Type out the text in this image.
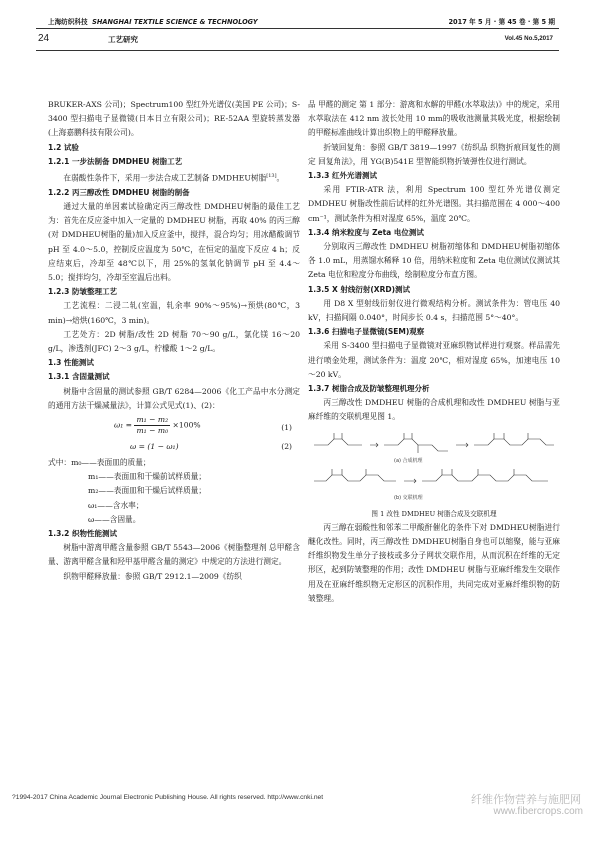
上海纺织科技 SHANGHAI TEXTILE SCIENCE & TECHNOLOGY	2017 年 5 月 · 第 45 卷 · 第 5 期
24	工艺研究	Vol.45 No.5,2017

BRUKER-AXS 公司)；Spectrum100 型红外光谱仪(美国 PE 公司)；S-3400 型扫描电子显微镜(日本日立有限公司)；RE-52AA 型旋转蒸发器(上海嘉鹏科技有限公司)。

1.2 试验

1.2.1 一步法制备 DMDHEU 树脂工艺

在弱酸性条件下，采用一步法合成工艺制备 DMDHEU树脂[13]。

1.2.2 丙三醇改性 DMDHEU 树脂的制备

通过大量的单因素试验确定丙三醇改性 DMDHEU树脂的最佳工艺为：首先在反应釜中加入一定量的 DMDHEU 树脂，再取 40% 的丙三醇(对 DMDHEU树脂的量)加入反应釜中，搅拌，混合均匀；用冰醋酸调节 pH 至 4.0～5.0，控制反应温度为 50℃，在恒定的温度下反应 4 h；反应结束后，冷却至 48℃以下，用 25%的氢氧化钠调节 pH 至 4.4～5.0；搅拌均匀，冷却至室温后出料。

1.2.3 防皱整理工艺

工艺流程：二浸二轧(室温，轧余率 90%～95%)→预烘(80℃，3 min)→焙烘(160℃，3 min)。

工艺处方：2D 树脂/改性 2D 树脂 70～90 g/L，氯化镁 16～20 g/L，渗透剂(JFC) 2～3 g/L，柠檬酸 1～2 g/L。

1.3 性能测试

1.3.1 含固量测试

树脂中含固量的测试参照 GB/T 6284—2006《化工产品中水分测定的通用方法干燥减量法》，计算公式见式(1)、(2)：

$\omega_1 = \frac{\text{m₁ − m₂}}{\text{m₁ − m₀}} \times 100\%$	(1)
ω = (1 − ω₁)	(2)

式中：m₀——表面皿的质量；

m₁——表面皿和干燥前试样质量；

m₂——表面皿和干燥后试样质量；

ω₁——含水率；

ω——含固量。

1.3.2 织物性能测试

树脂中游离甲醛含量参照 GB/T 5543—2006《树脂整理剂 总甲醛含量、游离甲醛含量和羟甲基甲醛含量的测定》中规定的方法进行测定。

织物甲醛释放量：参照 GB/T 2912.1—2009《纺织

品 甲醛的测定 第 1 部分：游离和水解的甲醛(水萃取法)》中的规定，采用水萃取法在 412 nm 波长处用 10 mm的吸收池测量其吸光度，根据绘制的甲醛标准曲线计算出织物上的甲醛释放量。

折皱回复角：参照 GB/T 3819—1997《纺织品 织物折痕回复性的测定 回复角法》，用 YG(B)541E 型智能织物折皱弹性仪进行测试。

1.3.3 红外光谱测试

采用 FTIR-ATR 法，利用 Spectrum 100 型红外光谱仪测定 DMDHEU 树脂改性前后试样的红外光谱图。其扫描范围在 4 000～400 cm⁻¹，测试条件为相对湿度 65%，温度 20℃。

1.3.4 纳米粒度与 Zeta 电位测试

分别取丙三醇改性 DMDHEU 树脂初缩体和 DMDHEU树脂初缩体各 1.0 mL，用蒸馏水稀释 10 倍，用纳米粒度和 Zeta 电位测试仪测试其 Zeta 电位和粒度分布曲线，绘制粒度分布直方图。

1.3.5 X 射线衍射(XRD)测试

用 D8 X 型射线衍射仪进行微观结构分析。测试条件为：管电压 40 kV，扫描间隔 0.040°，时间步长 0.4 s，扫描范围 5°～40°。

1.3.6 扫描电子显微镜(SEM)观察

采用 S-3400 型扫描电子显微镜对亚麻织物试样进行观察。样品需先进行喷金处理，测试条件为：温度 20℃，相对湿度 65%，加速电压 10～20 kV。

1.3.7 树脂合成及防皱整理机理分析

丙三醇改性 DMDHEU 树脂的合成机理和改性 DMDHEU 树脂与亚麻纤维的交联机理见图 1。

(a) 合成机理
(b) 交联机理

图 1 改性 DMDHEU 树脂合成及交联机理

丙三醇在弱酸性和邻苯二甲酸酐催化的条件下对 DMDHEU树脂进行醚化改性。同时，丙三醇改性 DMDHEU树脂自身也可以缩聚，能与亚麻纤维织物发生单分子接枝或多分子网状交联作用，从而沉积在纤维的无定形区，起到防皱整理的作用；改性 DMDHEU 树脂与亚麻纤维发生交联作用及在亚麻纤维织物无定形区的沉积作用，共同完成对亚麻纤维织物的防皱整理。

?1994-2017 China Academic Journal Electronic Publishing House. All rights reserved. http://www.cnki.net	纤维作物营养与施肥网
www.fibercrops.com
